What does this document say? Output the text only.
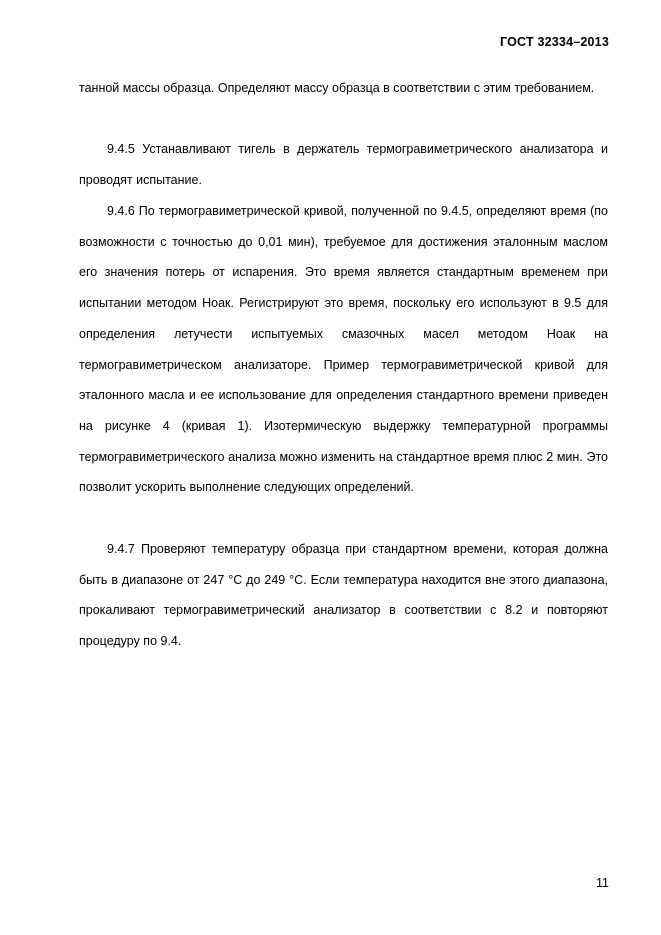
ГОСТ 32334–2013

танной массы образца. Определяют массу образца в соответствии с этим требованием.

9.4.5 Устанавливают тигель в держатель термогравиметрического анализатора и проводят испытание.

9.4.6 По термогравиметрической кривой, полученной по 9.4.5, определяют время (по возможности с точностью до 0,01 мин), требуемое для достижения эталонным маслом его значения потерь от испарения. Это время является стандартным временем при испытании методом Ноак. Регистрируют это время, поскольку его используют в 9.5 для определения летучести испытуемых смазочных масел методом Ноак на термогравиметрическом анализаторе. Пример термогравиметрической кривой для эталонного масла и ее использование для определения стандартного времени приведен на рисунке 4 (кривая 1). Изотермическую выдержку температурной программы термогравиметрического анализа можно изменить на стандартное время плюс 2 мин. Это позволит ускорить выполнение следующих определений.

9.4.7 Проверяют температуру образца при стандартном времени, которая должна быть в диапазоне от 247 °С до 249 °С. Если температура находится вне этого диапазона, прокаливают термогравиметрический анализатор в соответствии с 8.2 и повторяют процедуру по 9.4.

11
